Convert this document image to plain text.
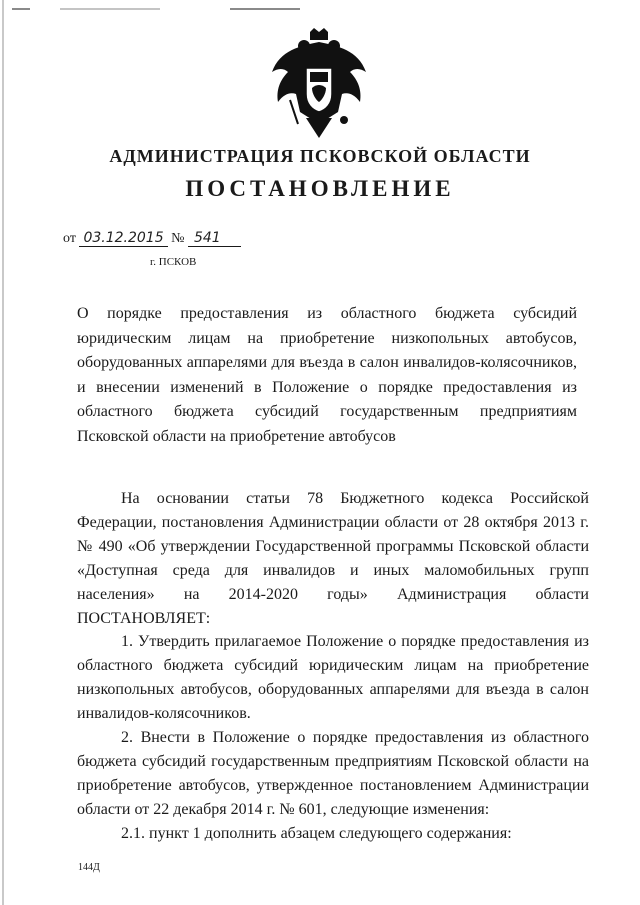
АДМИНИСТРАЦИЯ ПСКОВСКОЙ ОБЛАСТИ
ПОСТАНОВЛЕНИЕ
от 03.12.2015 № 541
г. ПСКОВ
О порядке предоставления из областного бюджета субсидий юридическим лицам на приобретение низкопольных автобусов, оборудованных аппарелями для въезда в салон инвалидов-колясочников, и внесении изменений в Положение о порядке предоставления из областного бюджета субсидий государственным предприятиям Псковской области на приобретение автобусов

На основании статьи 78 Бюджетного кодекса Российской Федерации, постановления Администрации области от 28 октября 2013 г. № 490 «Об утверждении Государственной программы Псковской области «Доступная среда для инвалидов и иных маломобильных групп населения» на 2014-2020 годы» Администрация области ПОСТАНОВЛЯЕТ:

1. Утвердить прилагаемое Положение о порядке предоставления из областного бюджета субсидий юридическим лицам на приобретение низкопольных автобусов, оборудованных аппарелями для въезда в салон инвалидов-колясочников.

2. Внести в Положение о порядке предоставления из областного бюджета субсидий государственным предприятиям Псковской области на приобретение автобусов, утвержденное постановлением Администрации области от 22 декабря 2014 г. № 601, следующие изменения:

2.1. пункт 1 дополнить абзацем следующего содержания:

144Д
